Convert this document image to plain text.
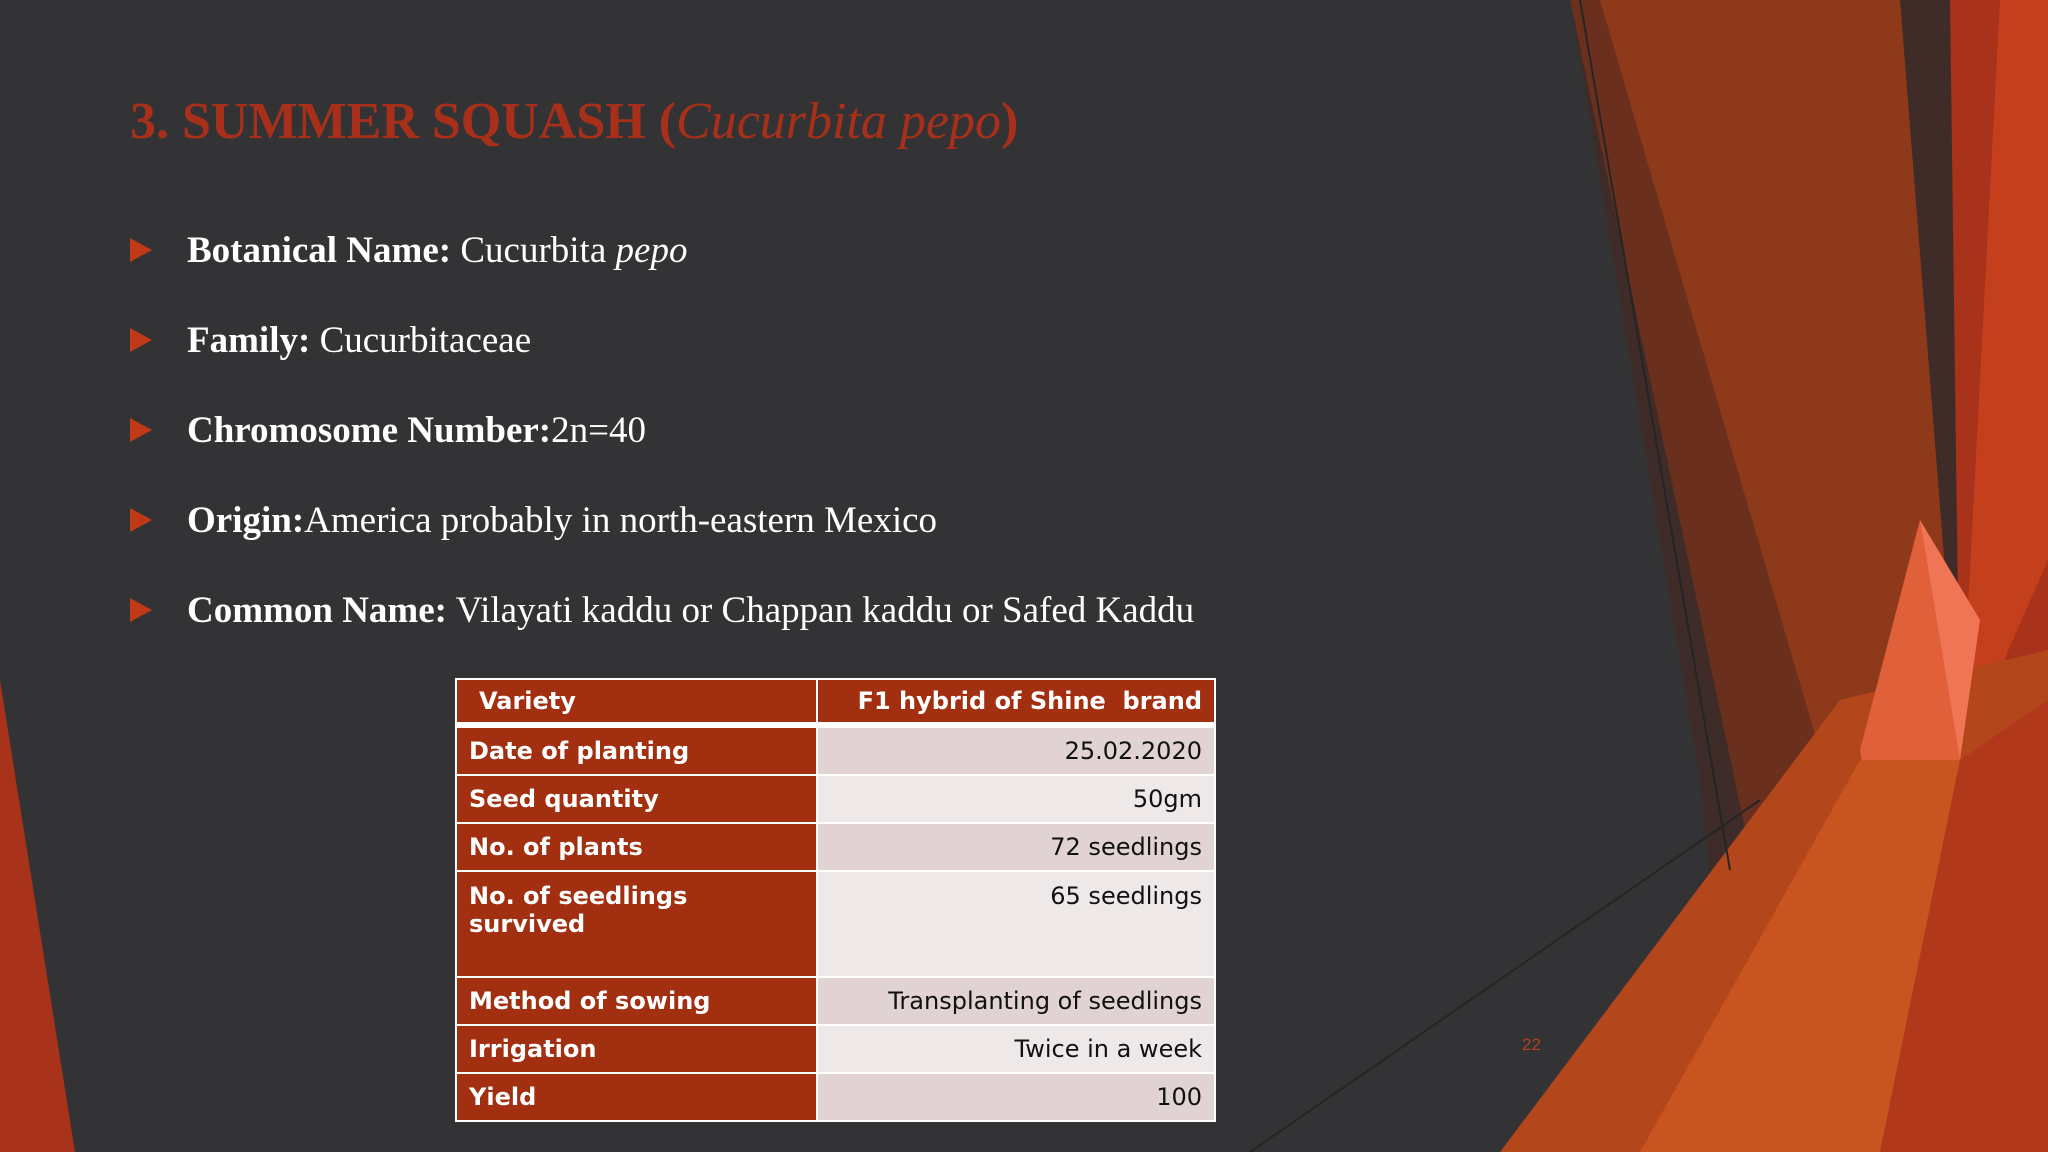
3. SUMMER SQUASH (Cucurbita pepo)
Botanical Name: Cucurbita pepo
Family: Cucurbitaceae
Chromosome Number: 2n=40
Origin: America probably in north-eastern Mexico
Common Name: Vilayati kaddu or Chappan kaddu or Safed Kaddu
Variety	F1 hybrid of Shine  brand
Date of planting	25.02.2020
Seed quantity	50gm
No. of plants	72 seedlings
No. of seedlings survived	65 seedlings
Method of sowing	Transplanting of seedlings
Irrigation	Twice in a week
Yield	100
22
